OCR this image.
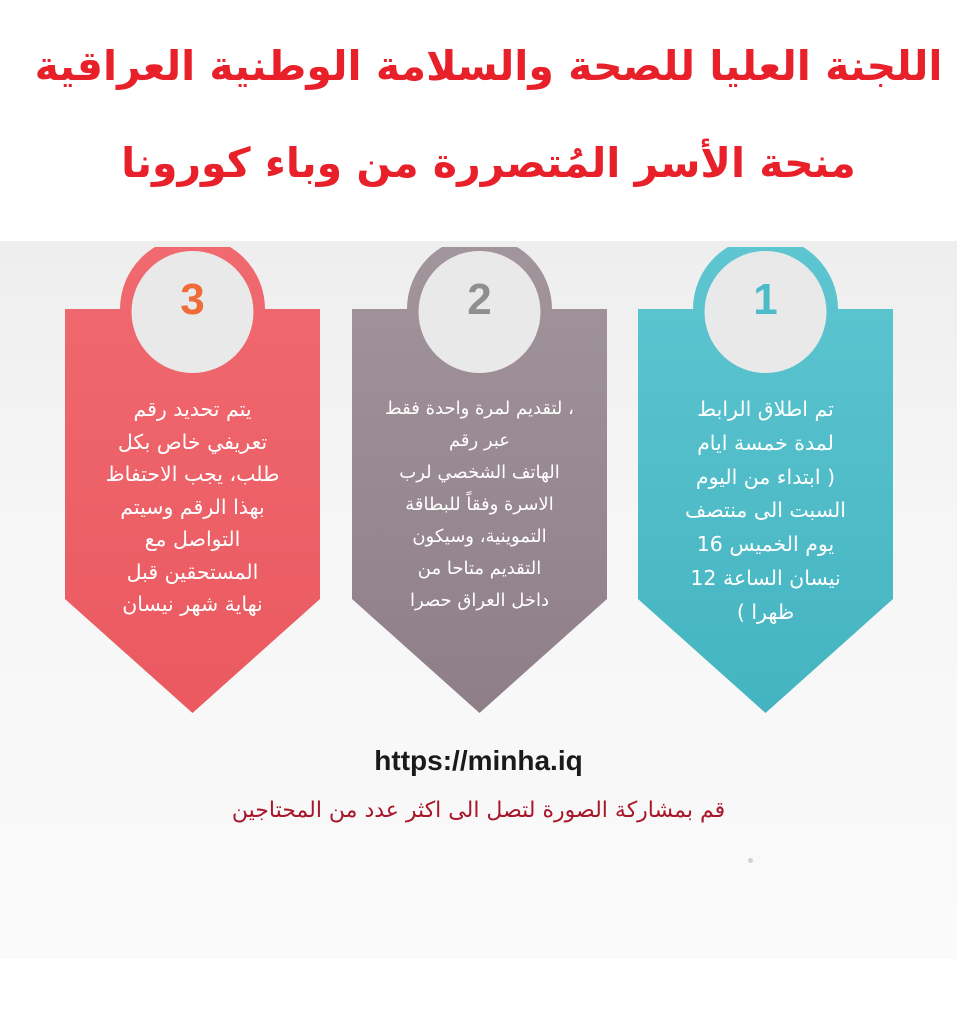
اللجنة العليا للصحة والسلامة الوطنية العراقية
منحة الأسر المُتصررة من وباء كورونا
1
تم اطلاق الرابط
لمدة خمسة ايام
( ابتداء من اليوم
السبت الى منتصف
يوم الخميس 16
نيسان الساعة 12
ظهرا )
2
، لتقديم لمرة واحدة فقط
عبر رقم
الهاتف الشخصي لرب
الاسرة وفقاً للبطاقة
التموينية، وسيكون
التقديم متاحا من
داخل العراق حصرا
3
يتم تحديد رقم
تعريفي خاص بكل
طلب، يجب الاحتفاظ
بهذا الرقم وسيتم
التواصل مع
المستحقين قبل
نهاية شهر نيسان
https://minha.iq
قم بمشاركة الصورة لتصل الى اكثر عدد من المحتاجين
